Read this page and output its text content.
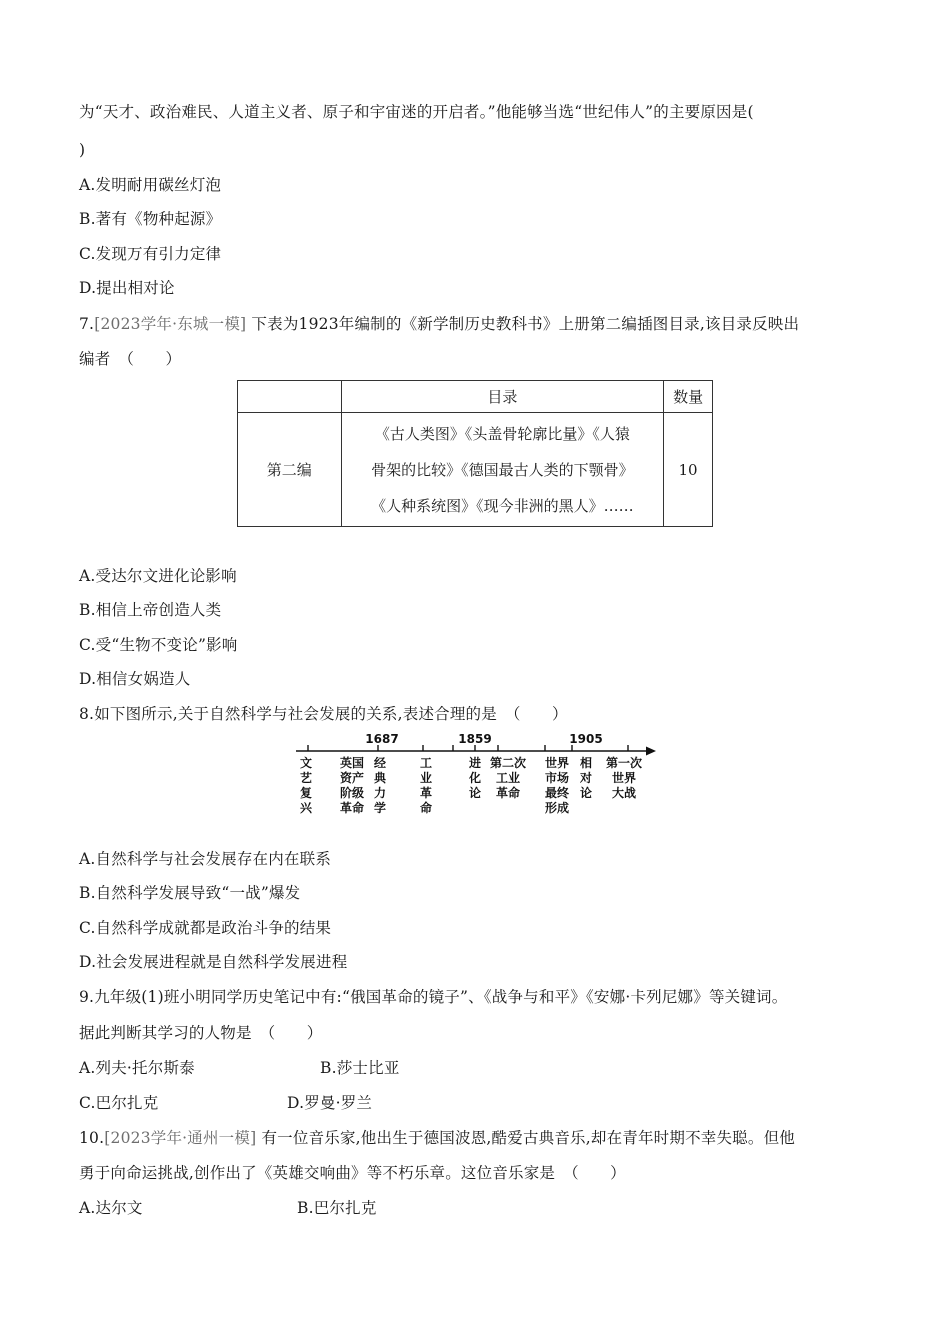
为“天才、政治难民、人道主义者、原子和宇宙迷的开启者。”他能够当选“世纪伟人”的主要原因是(
)
A.发明耐用碳丝灯泡
B.著有《物种起源》
C.发现万有引力定律
D.提出相对论
7.[2023学年·东城一模] 下表为1923年编制的《新学制历史教科书》上册第二编插图目录,该目录反映出
编者　（　　）
	目录	数量
第二编	《古人类图》《头盖骨轮廓比量》《人猿
骨架的比较》《德国最古人类的下颚骨》
《人种系统图》《现今非洲的黑人》……	10
A.受达尔文进化论影响
B.相信上帝创造人类
C.受“生物不变论”影响
D.相信女娲造人
8.如下图所示,关于自然科学与社会发展的关系,表述合理的是　（　　）
1687	1859	1905
文艺复兴
英国资产阶级革命
经典力学
工业革命
进化论
第二次工业革命
世界市场最终形成
相对论
第一次世界大战
A.自然科学与社会发展存在内在联系
B.自然科学发展导致“一战”爆发
C.自然科学成就都是政治斗争的结果
D.社会发展进程就是自然科学发展进程
9.九年级(1)班小明同学历史笔记中有:“俄国革命的镜子”、《战争与和平》《安娜·卡列尼娜》等关键词。
据此判断其学习的人物是　（　　）
A.列夫·托尔斯泰	B.莎士比亚
C.巴尔扎克	D.罗曼·罗兰
10.[2023学年·通州一模] 有一位音乐家,他出生于德国波恩,酷爱古典音乐,却在青年时期不幸失聪。但他
勇于向命运挑战,创作出了《英雄交响曲》等不朽乐章。这位音乐家是　（　　）
A.达尔文	B.巴尔扎克
